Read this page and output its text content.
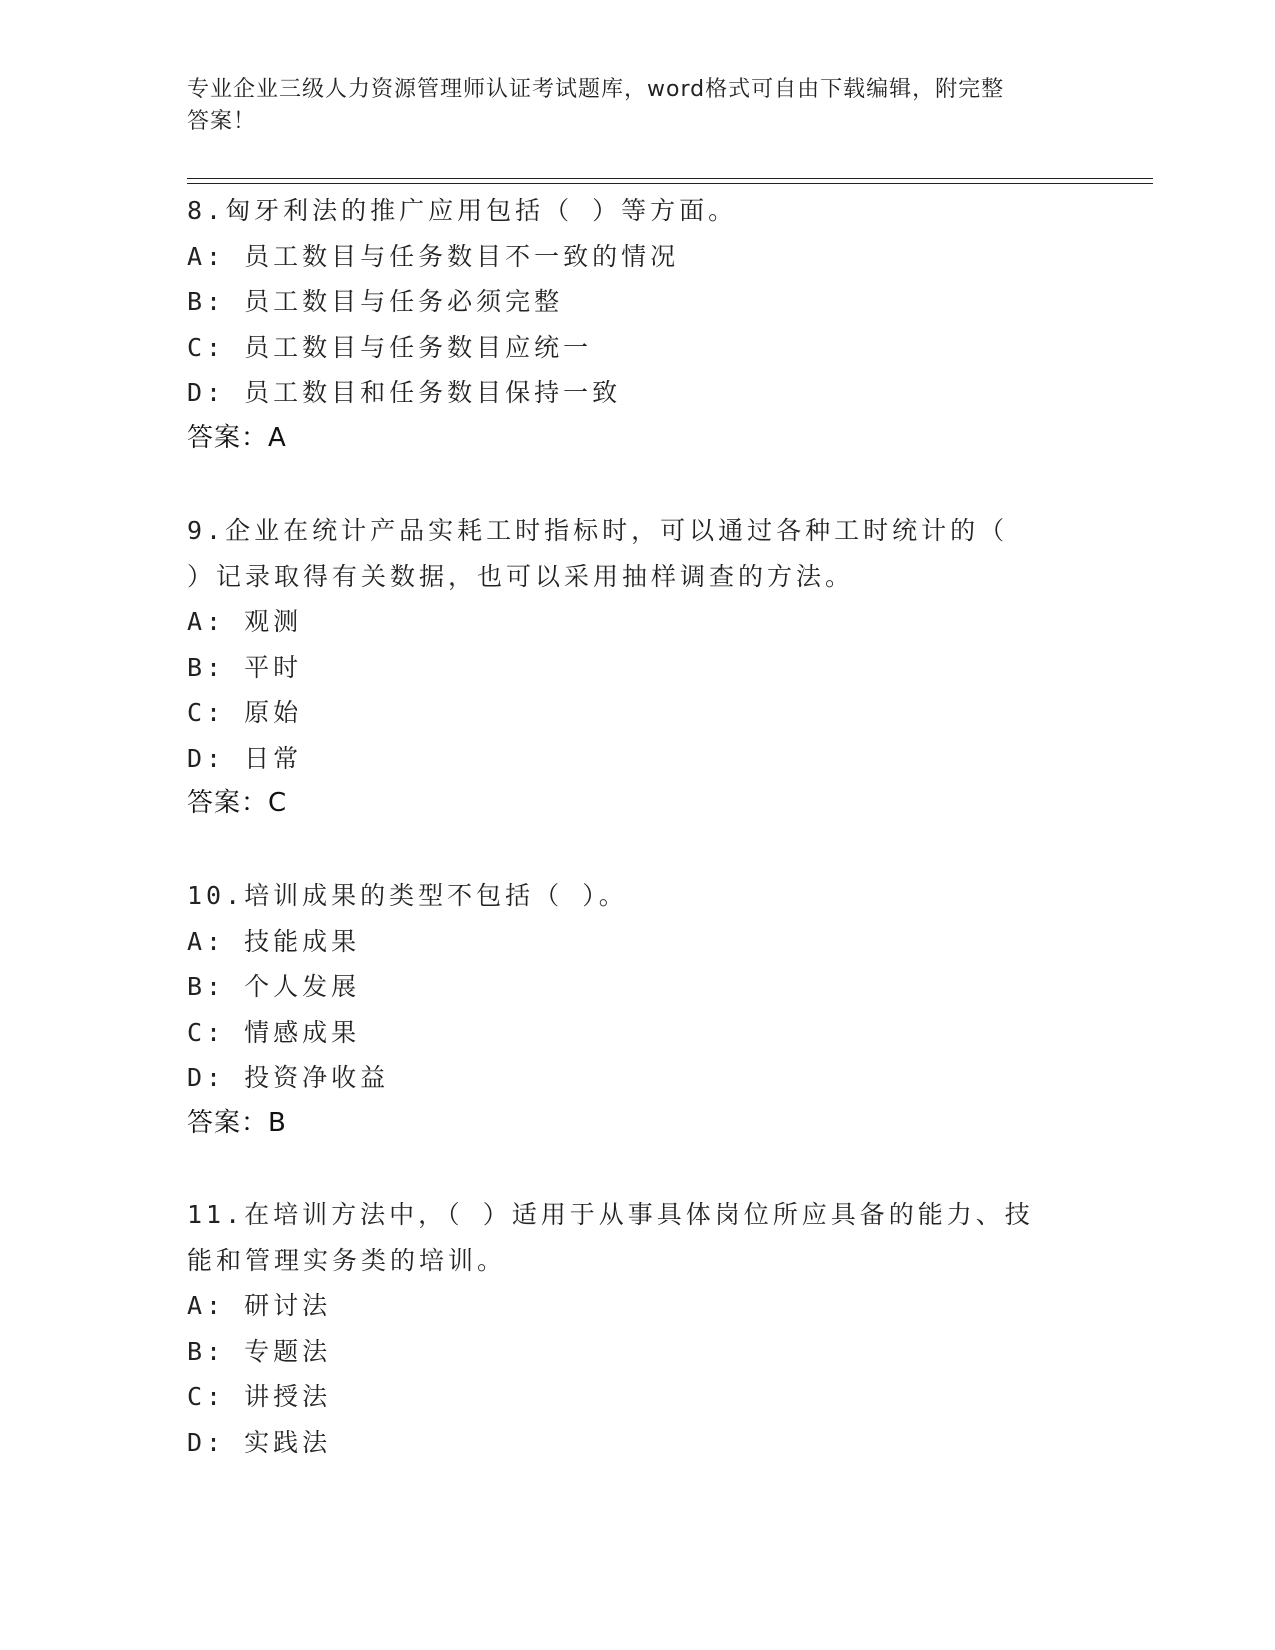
专业企业三级人力资源管理师认证考试题库，word格式可自由下载编辑，附完整
答案！
8.匈牙利法的推广应用包括（ ）等方面。
A: 员工数目与任务数目不一致的情况
B: 员工数目与任务必须完整
C: 员工数目与任务数目应统一
D: 员工数目和任务数目保持一致
答案：A
9.企业在统计产品实耗工时指标时，可以通过各种工时统计的（
）记录取得有关数据，也可以采用抽样调查的方法。
A: 观测
B: 平时
C: 原始
D: 日常
答案：C
10.培训成果的类型不包括（ ）。
A: 技能成果
B: 个人发展
C: 情感成果
D: 投资净收益
答案：B
11.在培训方法中，（ ）适用于从事具体岗位所应具备的能力、技
能和管理实务类的培训。
A: 研讨法
B: 专题法
C: 讲授法
D: 实践法
